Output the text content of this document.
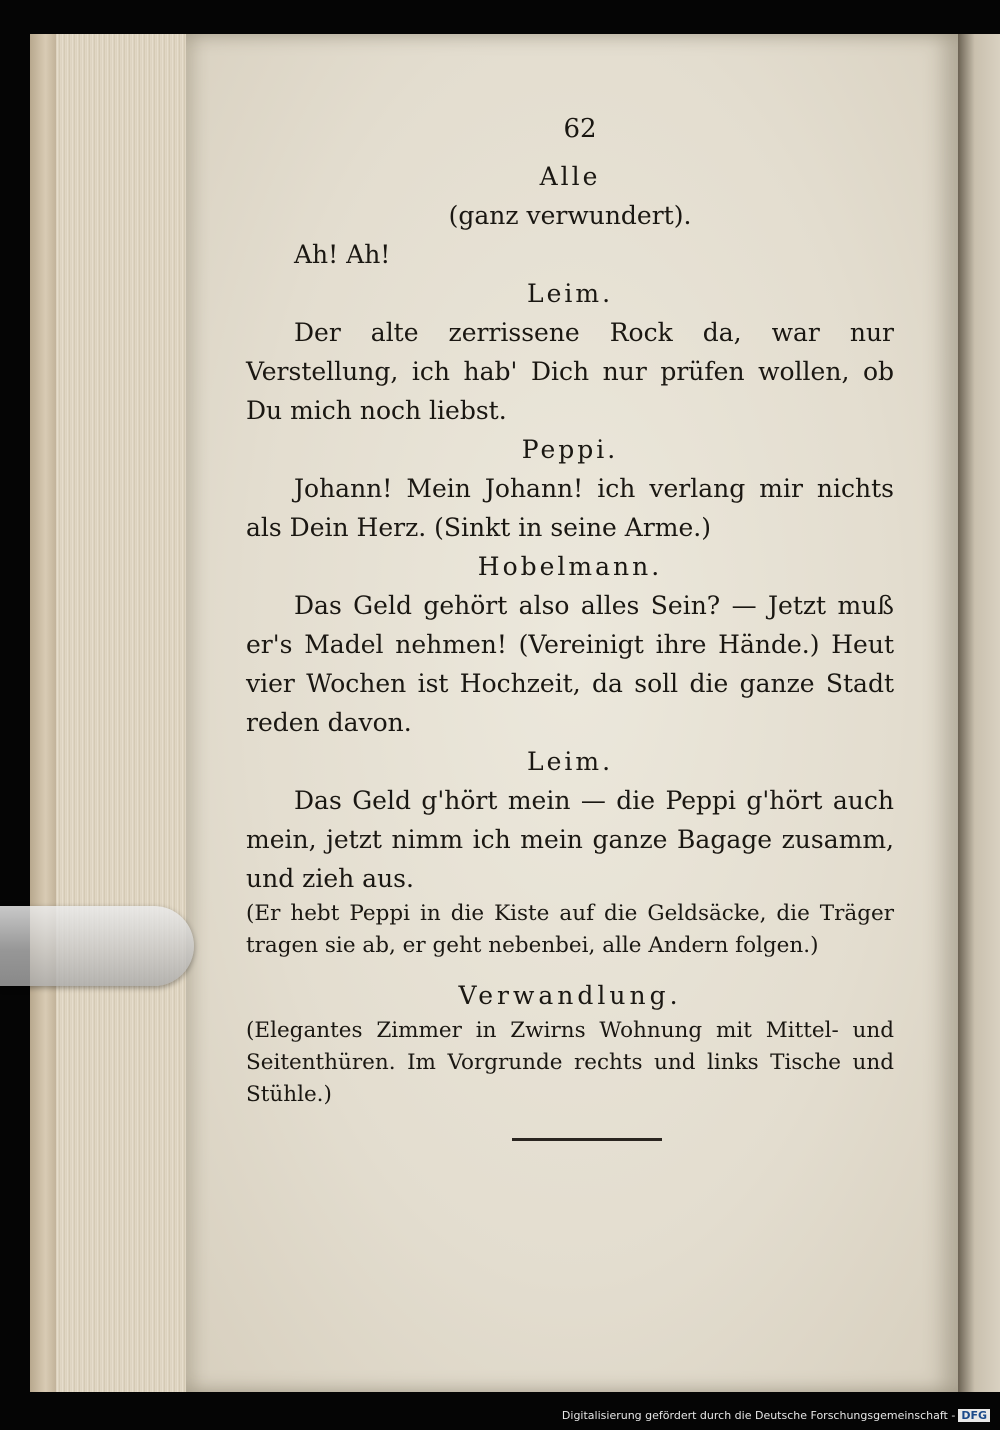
62
Alle
(ganz verwundert).

Ah! Ah!

Leim.

Der alte zerrissene Rock da, war nur Verstellung, ich hab' Dich nur prüfen wollen, ob Du mich noch liebst.

Peppi.

Johann! Mein Johann! ich verlang mir nichts als Dein Herz. (Sinkt in seine Arme.)

Hobelmann.

Das Geld gehört also alles Sein? — Jetzt muß er's Madel nehmen! (Vereinigt ihre Hände.) Heut vier Wochen ist Hochzeit, da soll die ganze Stadt reden davon.

Leim.

Das Geld g'hört mein — die Peppi g'hört auch mein, jetzt nimm ich mein ganze Bagage zusamm, und zieh aus.

(Er hebt Peppi in die Kiste auf die Geldsäcke, die Träger tragen sie ab, er geht nebenbei, alle Andern folgen.)

Verwandlung.

(Elegantes Zimmer in Zwirns Wohnung mit Mittel- und Seitenthüren. Im Vorgrunde rechts und links Tische und Stühle.)

Digitalisierung gefördert durch die Deutsche Forschungsgemeinschaft - DFG
